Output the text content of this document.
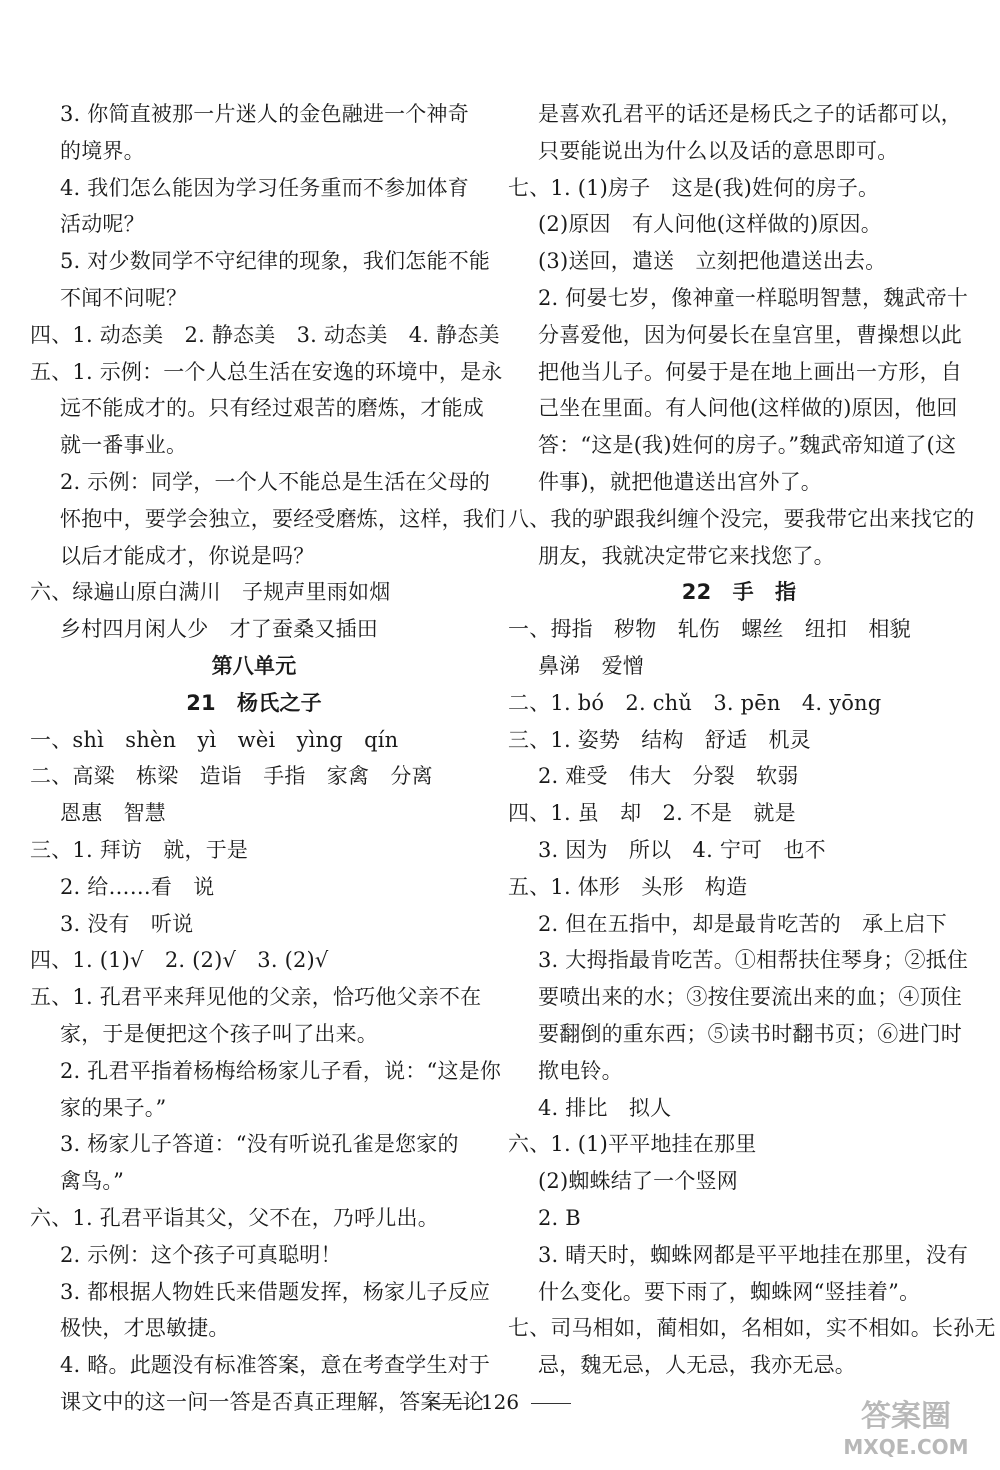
3. 你简直被那一片迷人的金色融进一个神奇
的境界。
4. 我们怎么能因为学习任务重而不参加体育
活动呢？
5. 对少数同学不守纪律的现象，我们怎能不能
不闻不问呢？
四、1. 动态美　2. 静态美　3. 动态美　4. 静态美
五、1. 示例：一个人总生活在安逸的环境中，是永
远不能成才的。只有经过艰苦的磨炼，才能成
就一番事业。
2. 示例：同学，一个人不能总是生活在父母的
怀抱中，要学会独立，要经受磨炼，这样，我们
以后才能成才，你说是吗？
六、绿遍山原白满川　子规声里雨如烟
乡村四月闲人少　才了蚕桑又插田
第八单元
21　杨氏之子
一、shì　shèn　yì　wèi　yìng　qín
二、高粱　栋梁　造诣　手指　家禽　分离
恩惠　智慧
三、1. 拜访　就，于是
2. 给……看　说
3. 没有　听说
四、1. (1)√　2. (2)√　3. (2)√
五、1. 孔君平来拜见他的父亲，恰巧他父亲不在
家，于是便把这个孩子叫了出来。
2. 孔君平指着杨梅给杨家儿子看，说：“这是你
家的果子。”
3. 杨家儿子答道：“没有听说孔雀是您家的
禽鸟。”
六、1. 孔君平诣其父，父不在，乃呼儿出。
2. 示例：这个孩子可真聪明！
3. 都根据人物姓氏来借题发挥，杨家儿子反应
极快，才思敏捷。
4. 略。此题没有标准答案，意在考查学生对于
课文中的这一问一答是否真正理解，答案无论
是喜欢孔君平的话还是杨氏之子的话都可以，
只要能说出为什么以及话的意思即可。
七、1. (1)房子　这是(我)姓何的房子。
(2)原因　有人问他(这样做的)原因。
(3)送回，遣送　立刻把他遣送出去。
2. 何晏七岁，像神童一样聪明智慧，魏武帝十
分喜爱他，因为何晏长在皇宫里，曹操想以此
把他当儿子。何晏于是在地上画出一方形，自
己坐在里面。有人问他(这样做的)原因，他回
答：“这是(我)姓何的房子。”魏武帝知道了(这
件事)，就把他遣送出宫外了。
八、我的驴跟我纠缠个没完，要我带它出来找它的
朋友，我就决定带它来找您了。
22　手　指
一、拇指　秽物　轧伤　螺丝　纽扣　相貌
鼻涕　爱憎
二、1. bó　2. chǔ　3. pēn　4. yōng
三、1. 姿势　结构　舒适　机灵
2. 难受　伟大　分裂　软弱
四、1. 虽　却　2. 不是　就是
3. 因为　所以　4. 宁可　也不
五、1. 体形　头形　构造
2. 但在五指中，却是最肯吃苦的　承上启下
3. 大拇指最肯吃苦。①相帮扶住琴身；②抵住
要喷出来的水；③按住要流出来的血；④顶住
要翻倒的重东西；⑤读书时翻书页；⑥进门时
揿电铃。
4. 排比　拟人
六、1. (1)平平地挂在那里
(2)蜘蛛结了一个竖网
2. B
3. 晴天时，蜘蛛网都是平平地挂在那里，没有
什么变化。要下雨了，蜘蛛网“竖挂着”。
七、司马相如，蔺相如，名相如，实不相如。长孙无
忌，魏无忌，人无忌，我亦无忌。
126	答案圈
MXQE.COM
